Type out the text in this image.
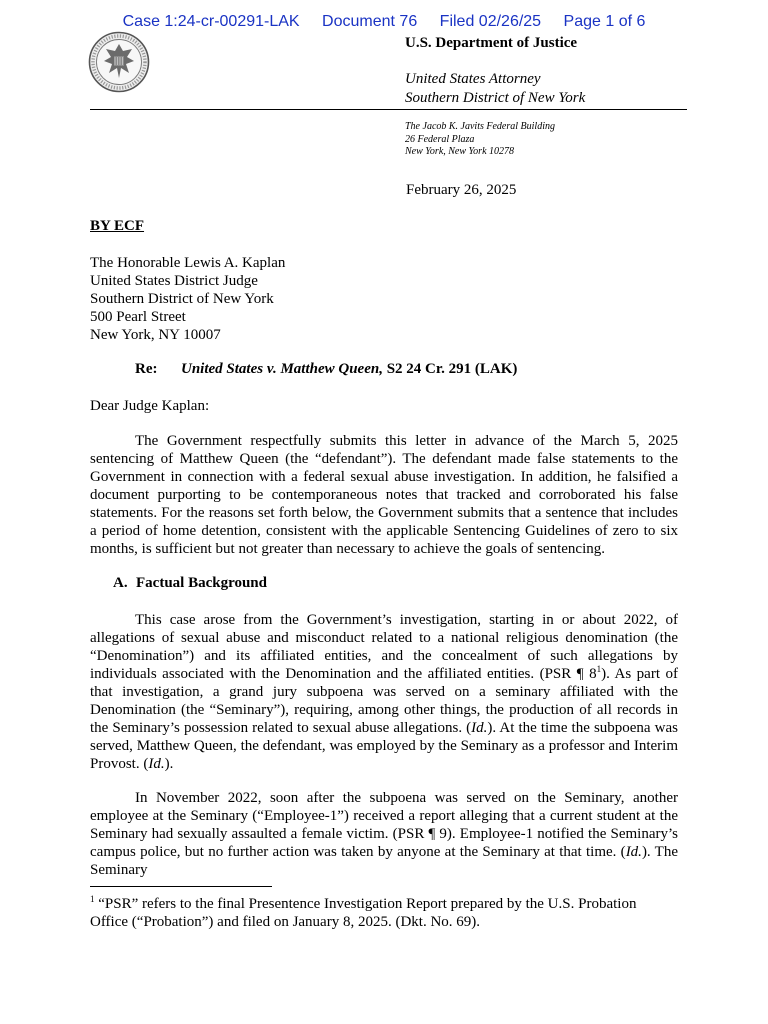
Case 1:24-cr-00291-LAK Document 76 Filed 02/26/25 Page 1 of 6
U.S. Department of Justice
United States Attorney
Southern District of New York
The Jacob K. Javits Federal Building
26 Federal Plaza
New York, New York 10278
February 26, 2025
BY ECF
The Honorable Lewis A. Kaplan
United States District Judge
Southern District of New York
500 Pearl Street
New York, NY 10007
Re: United States v. Matthew Queen, S2 24 Cr. 291 (LAK)
Dear Judge Kaplan:
The Government respectfully submits this letter in advance of the March 5, 2025 sentencing of Matthew Queen (the “defendant”). The defendant made false statements to the Government in connection with a federal sexual abuse investigation. In addition, he falsified a document purporting to be contemporaneous notes that tracked and corroborated his false statements. For the reasons set forth below, the Government submits that a sentence that includes a period of home detention, consistent with the applicable Sentencing Guidelines of zero to six months, is sufficient but not greater than necessary to achieve the goals of sentencing.
A. Factual Background
This case arose from the Government’s investigation, starting in or about 2022, of allegations of sexual abuse and misconduct related to a national religious denomination (the “Denomination”) and its affiliated entities, and the concealment of such allegations by individuals associated with the Denomination and the affiliated entities. (PSR ¶ $8^1$). As part of that investigation, a grand jury subpoena was served on a seminary affiliated with the Denomination (the “Seminary”), requiring, among other things, the production of all records in the Seminary’s possession related to sexual abuse allegations. (Id.). At the time the subpoena was served, Matthew Queen, the defendant, was employed by the Seminary as a professor and Interim Provost. (Id.).
In November 2022, soon after the subpoena was served on the Seminary, another employee at the Seminary (“Employee-1”) received a report alleging that a current student at the Seminary had sexually assaulted a female victim. (PSR ¶ 9). Employee-1 notified the Seminary’s campus police, but no further action was taken by anyone at the Seminary at that time. (Id.). The Seminary
$^1$ “PSR” refers to the final Presentence Investigation Report prepared by the U.S. Probation Office (“Probation”) and filed on January 8, 2025. (Dkt. No. 69).
